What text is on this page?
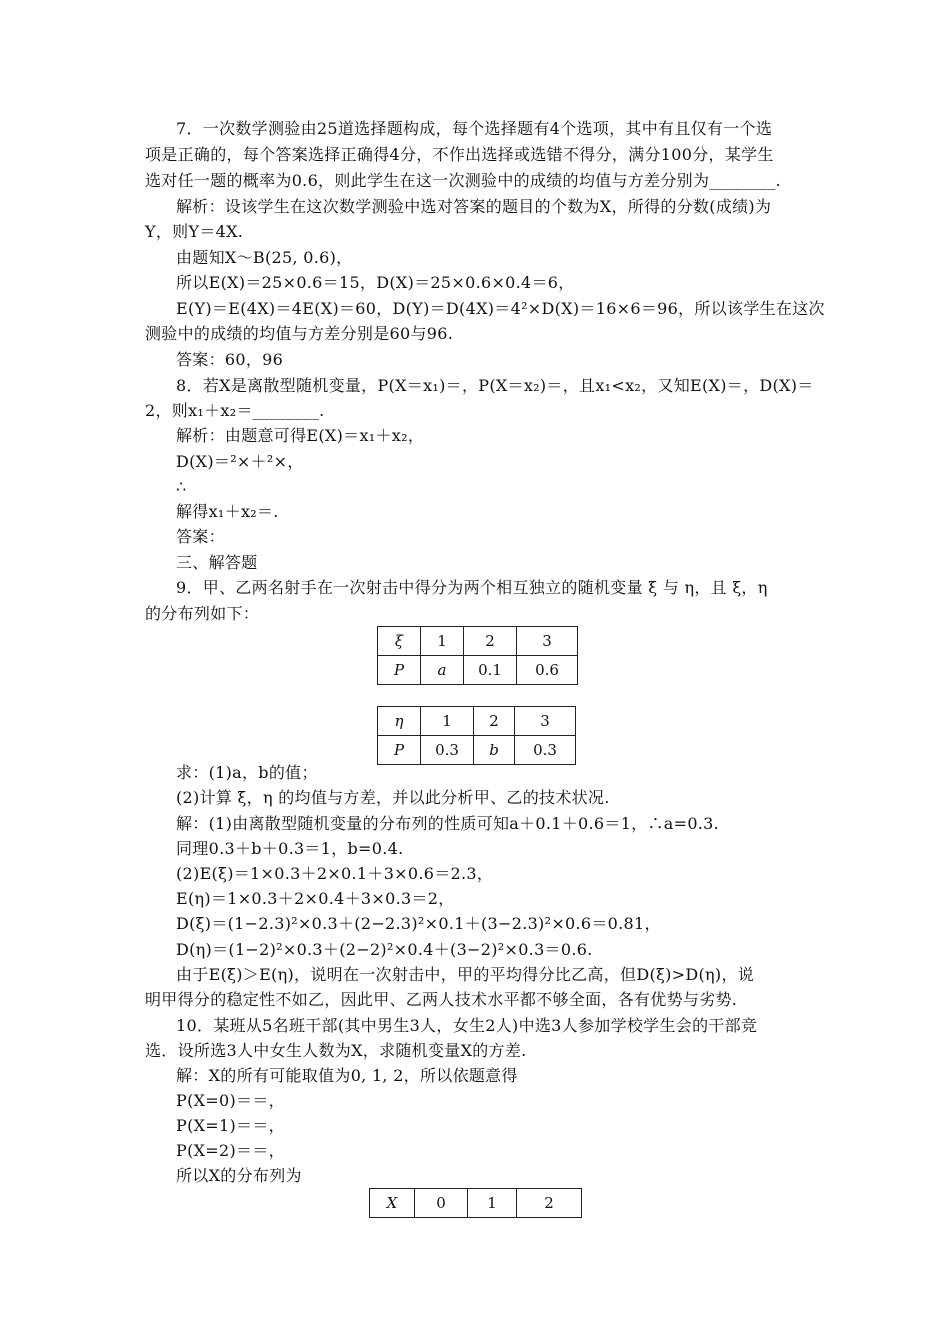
7．一次数学测验由25道选择题构成，每个选择题有4个选项，其中有且仅有一个选
项是正确的，每个答案选择正确得4分，不作出选择或选错不得分，满分100分，某学生
选对任一题的概率为0.6，则此学生在这一次测验中的成绩的均值与方差分别为________.
解析：设该学生在这次数学测验中选对答案的题目的个数为X，所得的分数(成绩)为
Y，则Y＝4X.
由题知X～B(25, 0.6)，
所以E(X)＝25×0.6＝15，D(X)＝25×0.6×0.4＝6，
E(Y)＝E(4X)＝4E(X)＝60，D(Y)＝D(4X)＝4²×D(X)＝16×6＝96，所以该学生在这次
测验中的成绩的均值与方差分别是60与96.
答案：60，96
8．若X是离散型随机变量，P(X＝x₁)＝，P(X＝x₂)＝，且x₁<x₂，又知E(X)＝，D(X)＝
2，则x₁＋x₂＝________.
解析：由题意可得E(X)＝x₁＋x₂，
D(X)＝²×＋²×，
∴
解得x₁＋x₂＝.
答案：
三、解答题
9．甲、乙两名射手在一次射击中得分为两个相互独立的随机变量 ξ 与 η，且 ξ，η
的分布列如下：
ξ	1	2	3
P	a	0.1	0.6
η	1	2	3
P	0.3	b	0.3
求：(1)a，b的值；
(2)计算 ξ，η 的均值与方差，并以此分析甲、乙的技术状况.
解：(1)由离散型随机变量的分布列的性质可知a＋0.1＋0.6＝1，∴a=0.3.
同理0.3＋b＋0.3＝1，b=0.4.
(2)E(ξ)＝1×0.3＋2×0.1＋3×0.6＝2.3，
E(η)＝1×0.3＋2×0.4＋3×0.3＝2，
D(ξ)＝(1−2.3)²×0.3＋(2−2.3)²×0.1＋(3−2.3)²×0.6＝0.81，
D(η)＝(1−2)²×0.3＋(2−2)²×0.4＋(3−2)²×0.3＝0.6.
由于E(ξ)＞E(η)，说明在一次射击中，甲的平均得分比乙高，但D(ξ)>D(η)，说
明甲得分的稳定性不如乙，因此甲、乙两人技术水平都不够全面，各有优势与劣势.
10．某班从5名班干部(其中男生3人，女生2人)中选3人参加学校学生会的干部竞
选．设所选3人中女生人数为X，求随机变量X的方差.
解：X的所有可能取值为0, 1, 2，所以依题意得
P(X=0)＝＝，
P(X=1)＝＝，
P(X=2)＝＝，
所以X的分布列为
X	0	1	2
